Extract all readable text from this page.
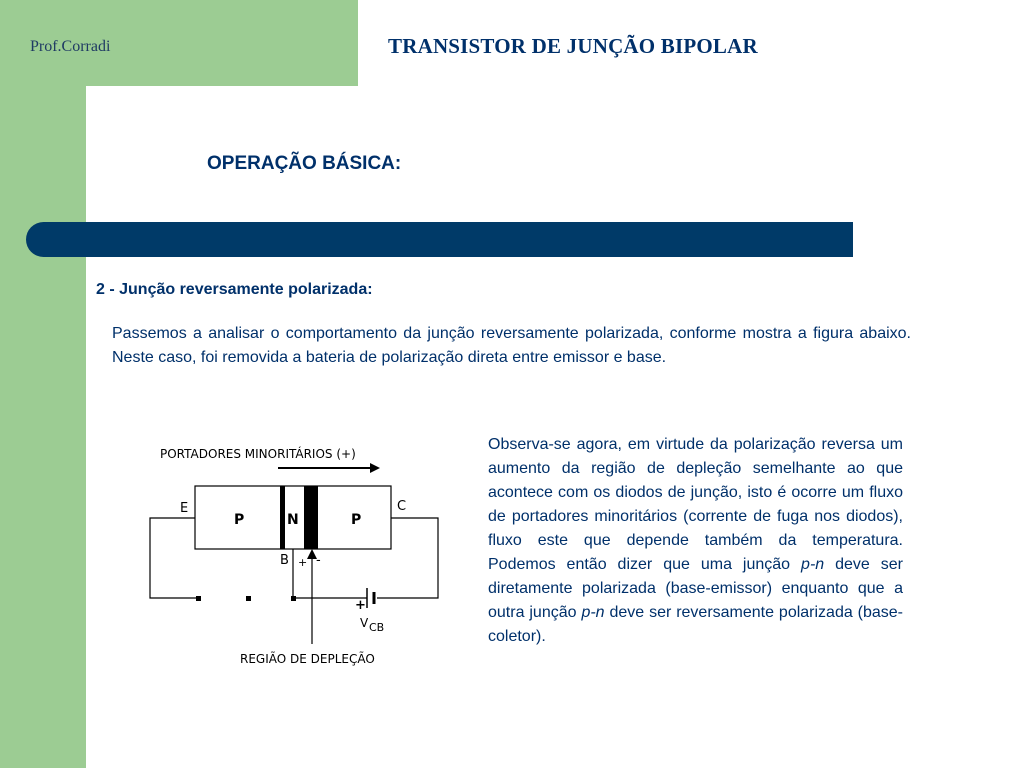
Prof.Corradi	TRANSISTOR DE JUNÇÃO BIPOLAR
OPERAÇÃO BÁSICA:
2 - Junção reversamente polarizada:
Passemos a analisar o comportamento da junção reversamente polarizada, conforme mostra a figura abaixo. Neste caso, foi removida a bateria de polarização direta entre emissor e base.
Observa-se agora, em virtude da polarização reversa um aumento da região de depleção semelhante ao que acontece com os diodos de junção, isto é ocorre um fluxo de portadores minoritários (corrente de fuga nos diodos), fluxo este que depende também da temperatura. Podemos então dizer que uma junção p-n deve ser diretamente polarizada (base-emissor) enquanto que a outra junção p-n deve ser reversamente polarizada (base-coletor).
PORTADORES MINORITÁRIOS (+)
P	N	P
E	C
B + -
+
V CB
REGIÃO DE DEPLEÇÃO
